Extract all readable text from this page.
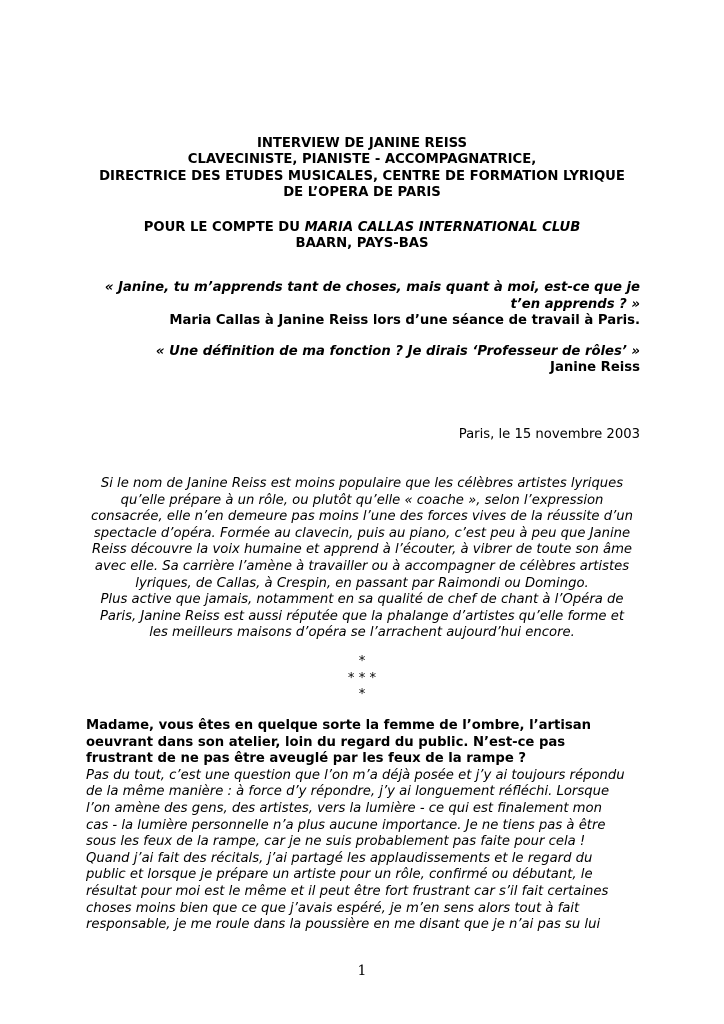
INTERVIEW DE JANINE REISS
CLAVECINISTE, PIANISTE - ACCOMPAGNATRICE,
DIRECTRICE DES ETUDES MUSICALES, CENTRE DE FORMATION LYRIQUE
DE L’OPERA DE PARIS
POUR LE COMPTE DU MARIA CALLAS INTERNATIONAL CLUB
BAARN, PAYS-BAS
« Janine, tu m’apprends tant de choses, mais quant à moi, est-ce que je
t’en apprends ? »
Maria Callas à Janine Reiss lors d’une séance de travail à Paris.
« Une définition de ma fonction ? Je dirais ‘Professeur de rôles’ »
Janine Reiss
Paris, le 15 novembre 2003
Si le nom de Janine Reiss est moins populaire que les célèbres artistes lyriques
qu’elle prépare à un rôle, ou plutôt qu’elle « coache », selon l’expression
consacrée, elle n’en demeure pas moins l’une des forces vives de la réussite d’un
spectacle d’opéra. Formée au clavecin, puis au piano, c’est peu à peu que Janine
Reiss découvre la voix humaine et apprend à l’écouter, à vibrer de toute son âme
avec elle. Sa carrière l’amène à travailler ou à accompagner de célèbres artistes
lyriques, de Callas, à Crespin, en passant par Raimondi ou Domingo.
Plus active que jamais, notamment en sa qualité de chef de chant à l’Opéra de
Paris, Janine Reiss est aussi réputée que la phalange d’artistes qu’elle forme et
les meilleurs maisons d’opéra se l’arrachent aujourd’hui encore.
*
* * *
*
Madame, vous êtes en quelque sorte la femme de l’ombre, l’artisan
oeuvrant dans son atelier, loin du regard du public. N’est-ce pas
frustrant de ne pas être aveuglé par les feux de la rampe ?
Pas du tout, c’est une question que l’on m’a déjà posée et j’y ai toujours répondu
de la même manière : à force d’y répondre, j’y ai longuement réfléchi. Lorsque
l’on amène des gens, des artistes, vers la lumière - ce qui est finalement mon
cas - la lumière personnelle n’a plus aucune importance. Je ne tiens pas à être
sous les feux de la rampe, car je ne suis probablement pas faite pour cela !
Quand j’ai fait des récitals, j’ai partagé les applaudissements et le regard du
public et lorsque je prépare un artiste pour un rôle, confirmé ou débutant, le
résultat pour moi est le même et il peut être fort frustrant car s’il fait certaines
choses moins bien que ce que j’avais espéré, je m’en sens alors tout à fait
responsable, je me roule dans la poussière en me disant que je n’ai pas su lui
1
